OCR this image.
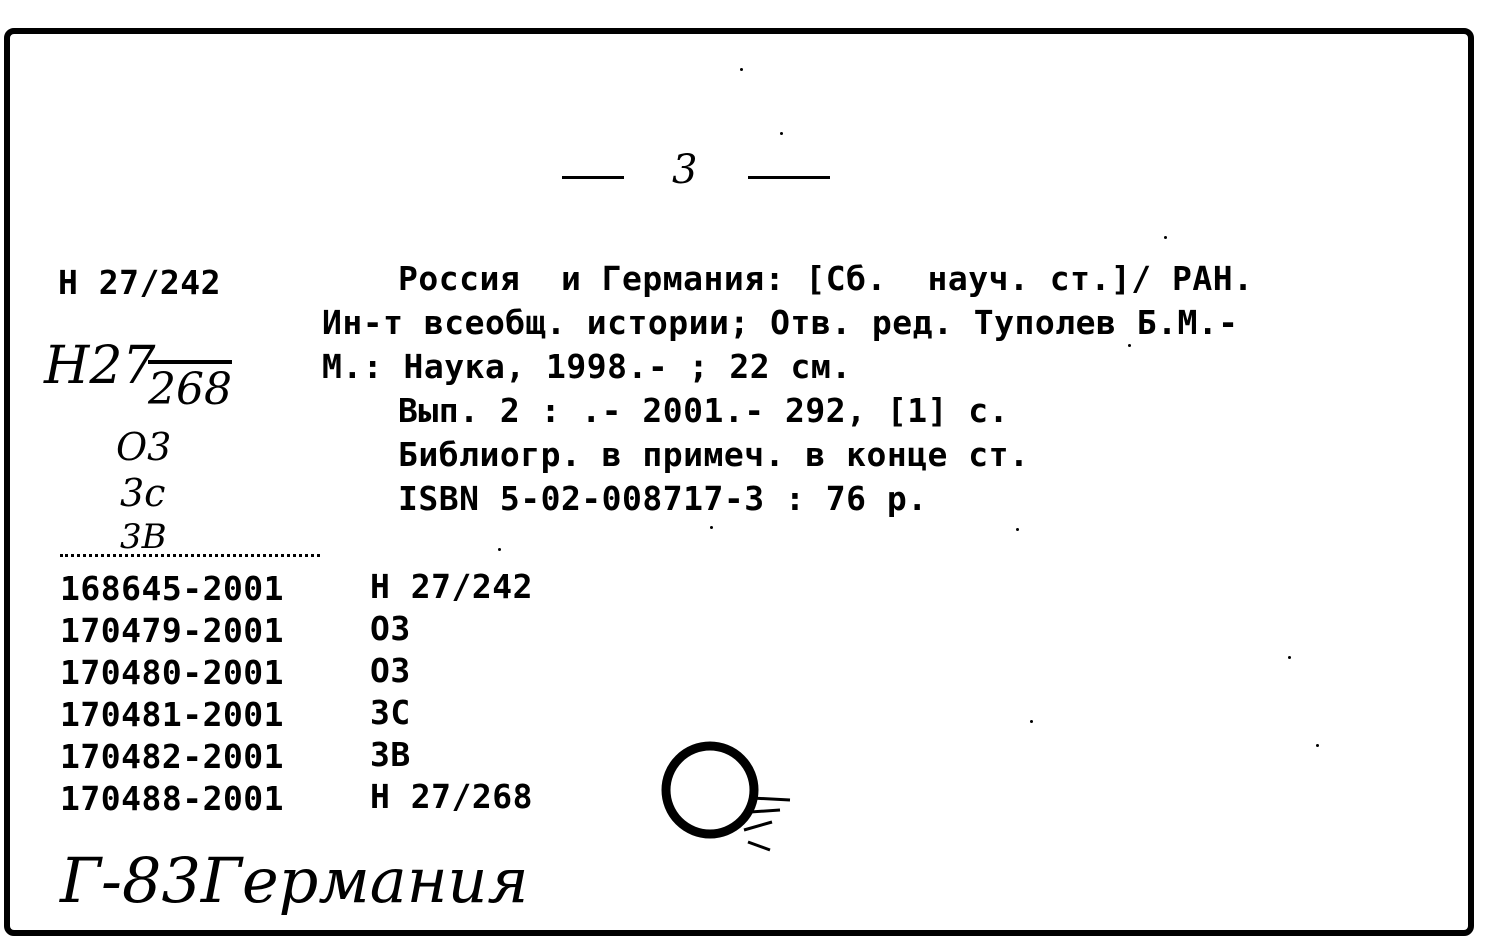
3
H 27/242
H27
268
O3
3c
3B
Россия  и Германия: [Сб.  науч. ст.]/ РАН.
Ин-т всеобщ. истории; Отв. ред. Туполев Б.М.-
М.: Наука, 1998.- ; 22 см.
Вып. 2 : .- 2001.- 292, [1] с.
Библиогр. в примеч. в конце ст.
ISBN 5-02-008717-3 : 76 р.
168645-2001	Н 27/242
170479-2001	ОЗ
170480-2001	ОЗ
170481-2001	ЗС
170482-2001	ЗВ
170488-2001	Н 27/268
Г-83Германия
